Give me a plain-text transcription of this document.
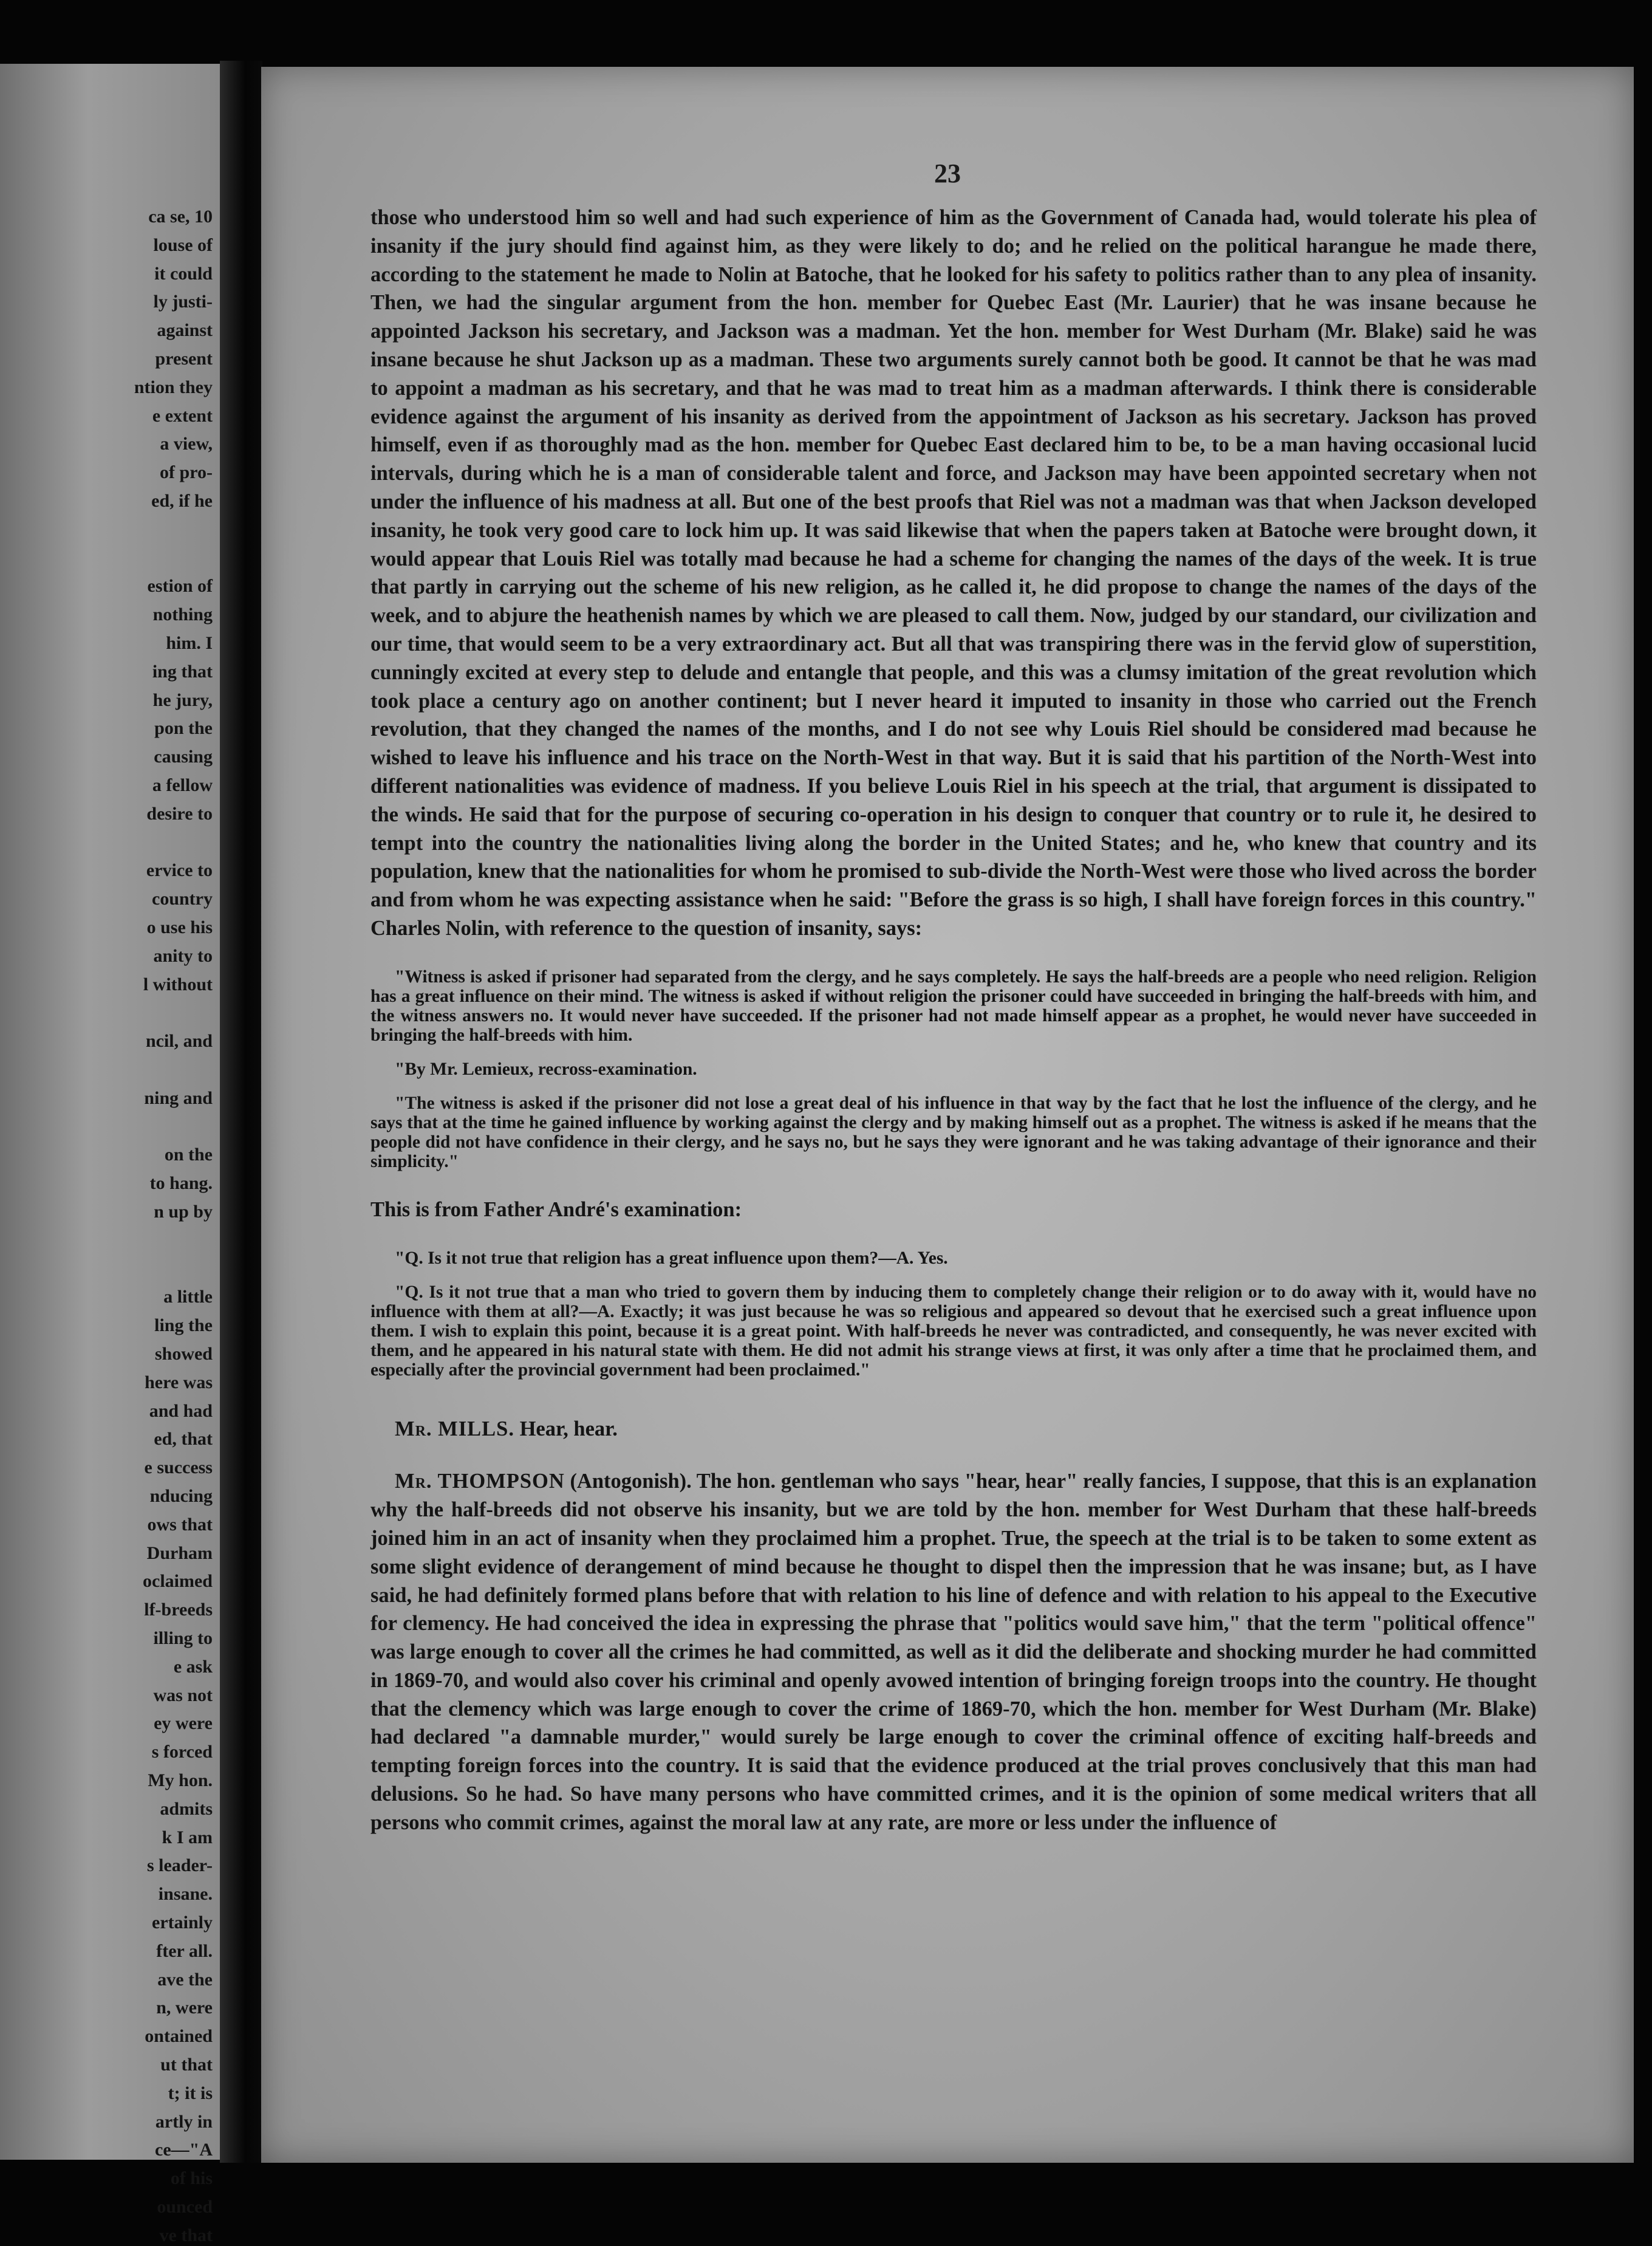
ca se, 10
louse of
it could
ly justi-
against
present
ntion they
e extent
a view,
of pro-
ed, if he
estion of
nothing
him. I
ing that
he jury,
pon the
causing
a fellow
desire to
ervice to
country
o use his
anity to
l without
ncil, and
ning and
on the
to hang.
n up by
a little
ling the
showed
here was
and had
ed, that
e success
nducing
ows that
Durham
oclaimed
lf-breeds
illing to
e ask
was not
ey were
s forced
My hon.
admits
k I am
s leader-
insane.
ertainly
fter all.
ave the
n, were
ontained
ut that
t; it is
artly in
ce—"A
of his
ounced
ve that
23

those who understood him so well and had such experience of him as the Government of Canada had, would tolerate his plea of insanity if the jury should find against him, as they were likely to do; and he relied on the political harangue he made there, according to the statement he made to Nolin at Batoche, that he looked for his safety to politics rather than to any plea of insanity. Then, we had the singular argument from the hon. member for Quebec East (Mr. Laurier) that he was insane because he appointed Jackson his secretary, and Jackson was a madman. Yet the hon. member for West Durham (Mr. Blake) said he was insane because he shut Jackson up as a madman. These two arguments surely cannot both be good. It cannot be that he was mad to appoint a madman as his secretary, and that he was mad to treat him as a madman afterwards. I think there is considerable evidence against the argument of his insanity as derived from the appointment of Jackson as his secretary. Jackson has proved himself, even if as thoroughly mad as the hon. member for Quebec East declared him to be, to be a man having occasional lucid intervals, during which he is a man of considerable talent and force, and Jackson may have been appointed secretary when not under the influence of his madness at all. But one of the best proofs that Riel was not a madman was that when Jackson developed insanity, he took very good care to lock him up. It was said likewise that when the papers taken at Batoche were brought down, it would appear that Louis Riel was totally mad because he had a scheme for changing the names of the days of the week. It is true that partly in carrying out the scheme of his new religion, as he called it, he did propose to change the names of the days of the week, and to abjure the heathenish names by which we are pleased to call them. Now, judged by our standard, our civilization and our time, that would seem to be a very extraordinary act. But all that was transpiring there was in the fervid glow of superstition, cunningly excited at every step to delude and entangle that people, and this was a clumsy imitation of the great revolution which took place a century ago on another continent; but I never heard it imputed to insanity in those who carried out the French revolution, that they changed the names of the months, and I do not see why Louis Riel should be considered mad because he wished to leave his influence and his trace on the North-West in that way. But it is said that his partition of the North-West into different nationalities was evidence of madness. If you believe Louis Riel in his speech at the trial, that argument is dissipated to the winds. He said that for the purpose of securing co-operation in his design to conquer that country or to rule it, he desired to tempt into the country the nationalities living along the border in the United States; and he, who knew that country and its population, knew that the nationalities for whom he promised to sub-divide the North-West were those who lived across the border and from whom he was expecting assistance when he said: "Before the grass is so high, I shall have foreign forces in this country." Charles Nolin, with reference to the question of insanity, says:

"Witness is asked if prisoner had separated from the clergy, and he says completely. He says the half-breeds are a people who need religion. Religion has a great influence on their mind. The witness is asked if without religion the prisoner could have succeeded in bringing the half-breeds with him, and the witness answers no. It would never have succeeded. If the prisoner had not made himself appear as a prophet, he would never have succeeded in bringing the half-breeds with him.

"By Mr. Lemieux, recross-examination.

"The witness is asked if the prisoner did not lose a great deal of his influence in that way by the fact that he lost the influence of the clergy, and he says that at the time he gained influence by working against the clergy and by making himself out as a prophet. The witness is asked if he means that the people did not have confidence in their clergy, and he says no, but he says they were ignorant and he was taking advantage of their ignorance and their simplicity."

This is from Father André's examination:

"Q. Is it not true that religion has a great influence upon them?—A. Yes.

"Q. Is it not true that a man who tried to govern them by inducing them to completely change their religion or to do away with it, would have no influence with them at all?—A. Exactly; it was just because he was so religious and appeared so devout that he exercised such a great influence upon them. I wish to explain this point, because it is a great point. With half-breeds he never was contradicted, and consequently, he was never excited with them, and he appeared in his natural state with them. He did not admit his strange views at first, it was only after a time that he proclaimed them, and especially after the provincial government had been proclaimed."

Mr. MILLS. Hear, hear.

Mr. THOMPSON (Antogonish). The hon. gentleman who says "hear, hear" really fancies, I suppose, that this is an explanation why the half-breeds did not observe his insanity, but we are told by the hon. member for West Durham that these half-breeds joined him in an act of insanity when they proclaimed him a prophet. True, the speech at the trial is to be taken to some extent as some slight evidence of derangement of mind because he thought to dispel then the impression that he was insane; but, as I have said, he had definitely formed plans before that with relation to his line of defence and with relation to his appeal to the Executive for clemency. He had conceived the idea in expressing the phrase that "politics would save him," that the term "political offence" was large enough to cover all the crimes he had committed, as well as it did the deliberate and shocking murder he had committed in 1869-70, and would also cover his criminal and openly avowed intention of bringing foreign troops into the country. He thought that the clemency which was large enough to cover the crime of 1869-70, which the hon. member for West Durham (Mr. Blake) had declared "a damnable murder," would surely be large enough to cover the criminal offence of exciting half-breeds and tempting foreign forces into the country. It is said that the evidence produced at the trial proves conclusively that this man had delusions. So he had. So have many persons who have committed crimes, and it is the opinion of some medical writers that all persons who commit crimes, against the moral law at any rate, are more or less under the influence of
